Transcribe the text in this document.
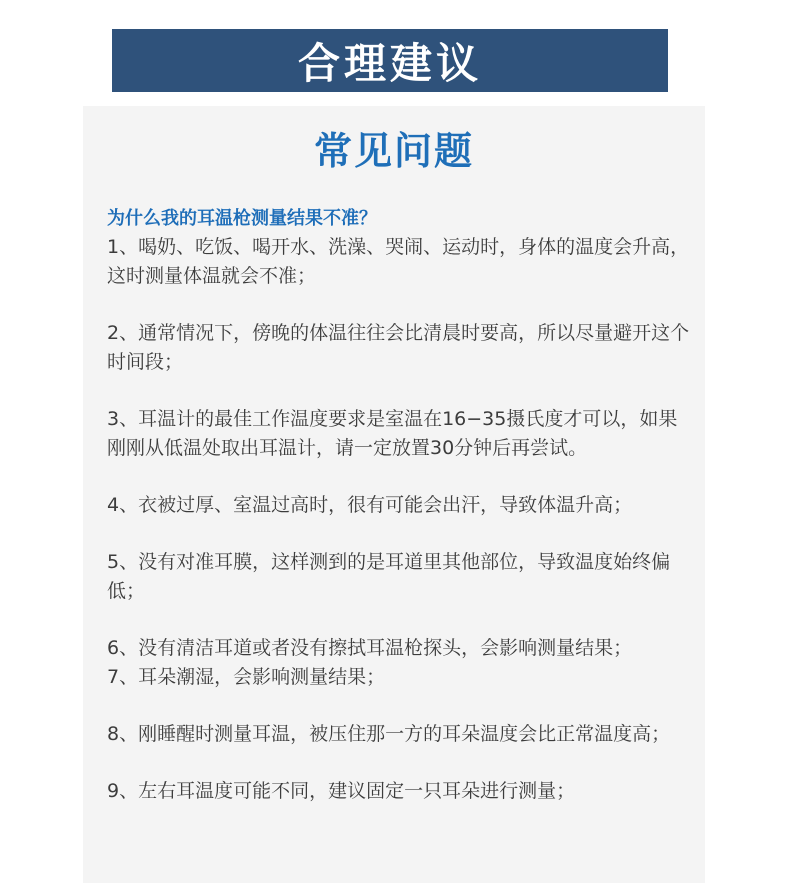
合理建议
常见问题
为什么我的耳温枪测量结果不准？

1、喝奶、吃饭、喝开水、洗澡、哭闹、运动时，身体的温度会升高，这时测量体温就会不准；

2、通常情况下，傍晚的体温往往会比清晨时要高，所以尽量避开这个时间段；

3、耳温计的最佳工作温度要求是室温在16−35摄氏度才可以，如果刚刚从低温处取出耳温计，请一定放置30分钟后再尝试。

4、衣被过厚、室温过高时，很有可能会出汗，导致体温升高；

5、没有对准耳膜，这样测到的是耳道里其他部位，导致温度始终偏低；

6、没有清洁耳道或者没有擦拭耳温枪探头，会影响测量结果；

7、耳朵潮湿，会影响测量结果；

8、刚睡醒时测量耳温，被压住那一方的耳朵温度会比正常温度高；

9、左右耳温度可能不同，建议固定一只耳朵进行测量；
